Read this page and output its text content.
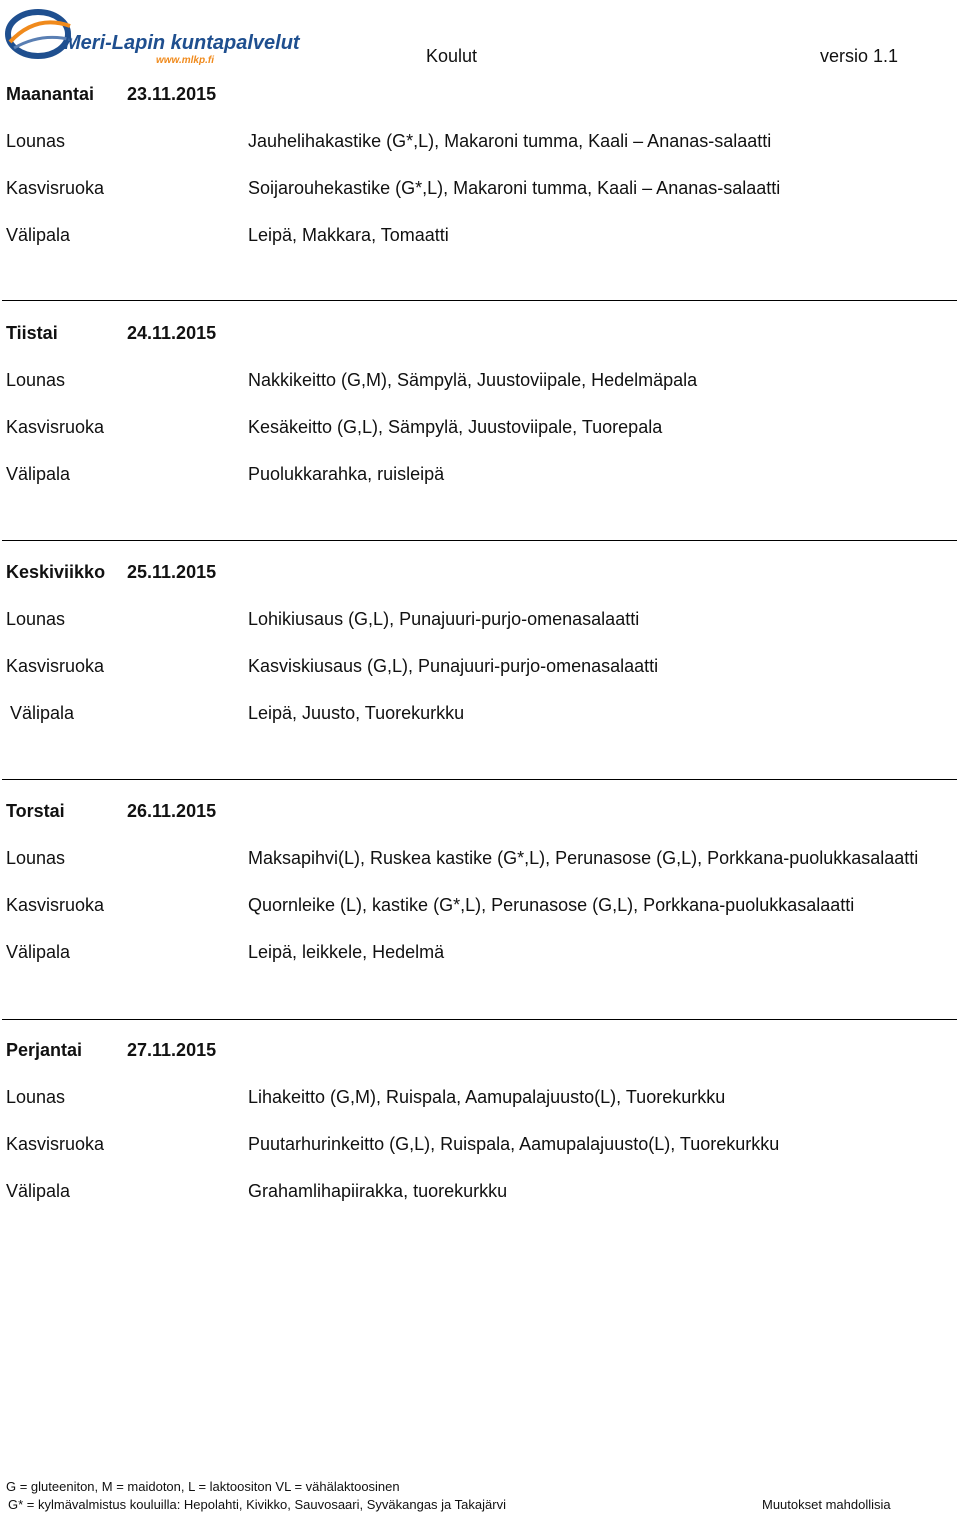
Meri-Lapin kuntapalvelut
www.mlkp.fi	Koulut	versio 1.1
Maanantai 23.11.2015
Lounas	Jauhelihakastike (G*,L), Makaroni tumma, Kaali – Ananas-salaatti
Kasvisruoka	Soijarouhekastike (G*,L), Makaroni tumma, Kaali – Ananas-salaatti
Välipala	Leipä, Makkara, Tomaatti
Tiistai	24.11.2015
Lounas	Nakkikeitto (G,M), Sämpylä, Juustoviipale, Hedelmäpala
Kasvisruoka	Kesäkeitto (G,L), Sämpylä, Juustoviipale, Tuorepala
Välipala	Puolukkarahka, ruisleipä
Keskiviikko 25.11.2015
Lounas	Lohikiusaus (G,L), Punajuuri-purjo-omenasalaatti
Kasvisruoka	Kasviskiusaus (G,L), Punajuuri-purjo-omenasalaatti
Välipala	Leipä, Juusto, Tuorekurkku
Torstai	26.11.2015
Lounas	Maksapihvi(L), Ruskea kastike (G*,L), Perunasose (G,L), Porkkana-puolukkasalaatti
Kasvisruoka	Quornleike (L), kastike (G*,L), Perunasose (G,L), Porkkana-puolukkasalaatti
Välipala	Leipä, leikkele, Hedelmä
Perjantai 27.11.2015
Lounas	Lihakeitto (G,M), Ruispala, Aamupalajuusto(L), Tuorekurkku
Kasvisruoka	Puutarhurinkeitto (G,L), Ruispala, Aamupalajuusto(L), Tuorekurkku
Välipala	Grahamlihapiirakka, tuorekurkku
G = gluteeniton, M = maidoton, L = laktoositon VL = vähälaktoosinen
G* = kylmävalmistus kouluilla: Hepolahti, Kivikko, Sauvosaari, Syväkangas ja Takajärvi	Muutokset mahdollisia
